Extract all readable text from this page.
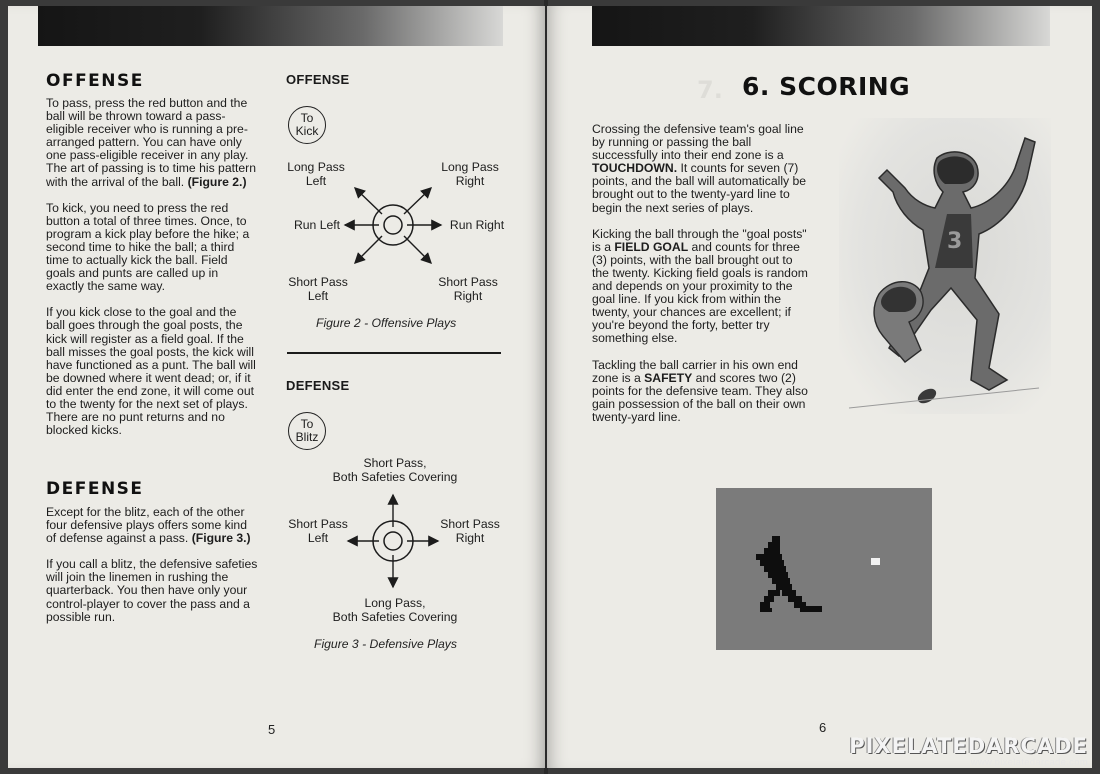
OFFENSE

To pass, press the red button and the ball will be thrown toward a pass-eligible receiver who is running a pre-arranged pattern. You can have only one pass-eligible receiver in any play. The art of passing is to time his pattern with the arrival of the ball. (Figure 2.)

To kick, you need to press the red button a total of three times. Once, to program a kick play before the hike; a second time to hike the ball; a third time to actually kick the ball. Field goals and punts are called up in exactly the same way.

If you kick close to the goal and the ball goes through the goal posts, the kick will register as a field goal. If the ball misses the goal posts, the kick will have functioned as a punt. The ball will be downed where it went dead; or, if it did enter the end zone, it will come out to the twenty for the next set of plays. There are no punt returns and no blocked kicks.

DEFENSE

Except for the blitz, each of the other four defensive plays offers some kind of defense against a pass. (Figure 3.)

If you call a blitz, the defensive safeties will join the linemen in rushing the quarterback. You then have only your control-player to cover the pass and a possible run.

OFFENSE
To
Kick
Long Pass
Left
Long Pass
Right
Run Left	Run Right
Short Pass
Left
Short Pass
Right
Figure 2 - Offensive Plays
DEFENSE
To
Blitz
Short Pass,
Both Safeties Covering
Short Pass
Left
Short Pass
Right
Long Pass,
Both Safeties Covering
Figure 3 - Defensive Plays
5
7. 6. SCORING

Crossing the defensive team's goal line by running or passing the ball successfully into their end zone is a TOUCHDOWN. It counts for seven (7) points, and the ball will automatically be brought out to the twenty-yard line to begin the next series of plays.

Kicking the ball through the "goal posts" is a FIELD GOAL and counts for three (3) points, with the ball brought out to the twenty. Kicking field goals is random and depends on your proximity to the goal line. If you kick from within the twenty, your chances are excellent; if you're beyond the forty, better try something else.

Tackling the ball carrier in his own end zone is a SAFETY and scores two (2) points for the defensive team. They also gain possession of the ball on their own twenty-yard line.

3
6
PIXELATEDARCADE
www.pixelatedarcade.com
